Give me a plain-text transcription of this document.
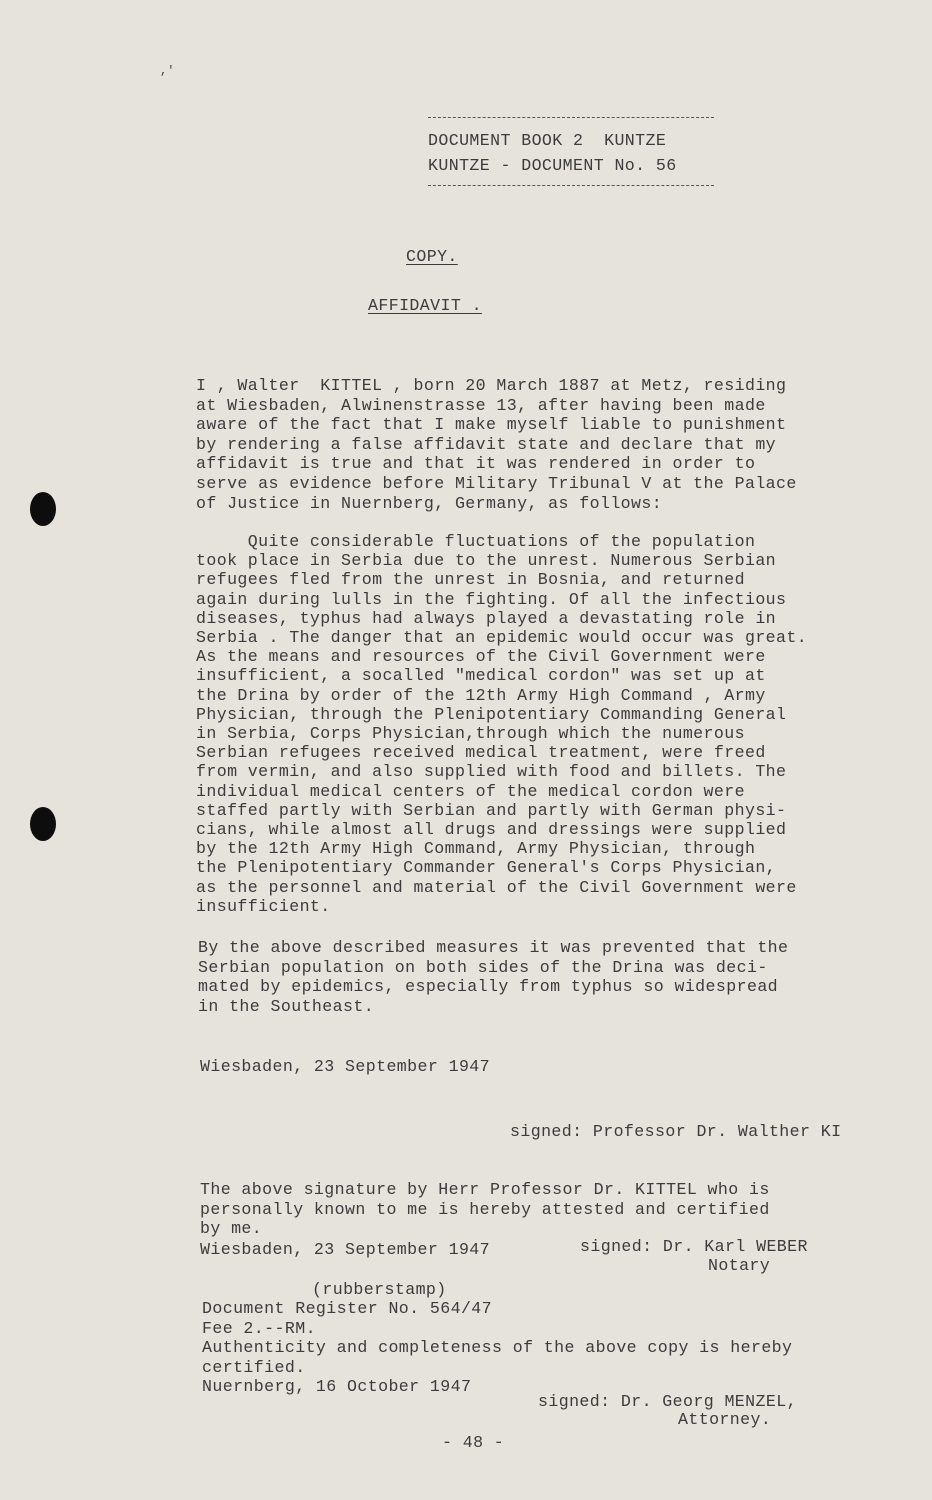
,'
DOCUMENT BOOK 2  KUNTZE
KUNTZE - DOCUMENT No. 56
COPY.
AFFIDAVIT .
I , Walter  KITTEL , born 20 March 1887 at Metz, residing
at Wiesbaden, Alwinenstrasse 13, after having been made
aware of the fact that I make myself liable to punishment
by rendering a false affidavit state and declare that my
affidavit is true and that it was rendered in order to
serve as evidence before Military Tribunal V at the Palace
of Justice in Nuernberg, Germany, as follows:
Quite considerable fluctuations of the population
took place in Serbia due to the unrest. Numerous Serbian
refugees fled from the unrest in Bosnia, and returned
again during lulls in the fighting. Of all the infectious
diseases, typhus had always played a devastating role in
Serbia . The danger that an epidemic would occur was great.
As the means and resources of the Civil Government were
insufficient, a socalled "medical cordon" was set up at
the Drina by order of the 12th Army High Command , Army
Physician, through the Plenipotentiary Commanding General
in Serbia, Corps Physician,through which the numerous
Serbian refugees received medical treatment, were freed
from vermin, and also supplied with food and billets. The
individual medical centers of the medical cordon were
staffed partly with Serbian and partly with German physi-
cians, while almost all drugs and dressings were supplied
by the 12th Army High Command, Army Physician, through
the Plenipotentiary Commander General's Corps Physician,
as the personnel and material of the Civil Government were
insufficient.
By the above described measures it was prevented that the
Serbian population on both sides of the Drina was deci-
mated by epidemics, especially from typhus so widespread
in the Southeast.
Wiesbaden, 23 September 1947
signed: Professor Dr. Walther KI
The above signature by Herr Professor Dr. KITTEL who is
personally known to me is hereby attested and certified
by me.
Wiesbaden, 23 September 1947	signed: Dr. Karl WEBER
Notary
(rubberstamp)
Document Register No. 564/47
Fee 2.--RM.
Authenticity and completeness of the above copy is hereby
certified.
Nuernberg, 16 October 1947
signed: Dr. Georg MENZEL,
Attorney.
- 48 -
